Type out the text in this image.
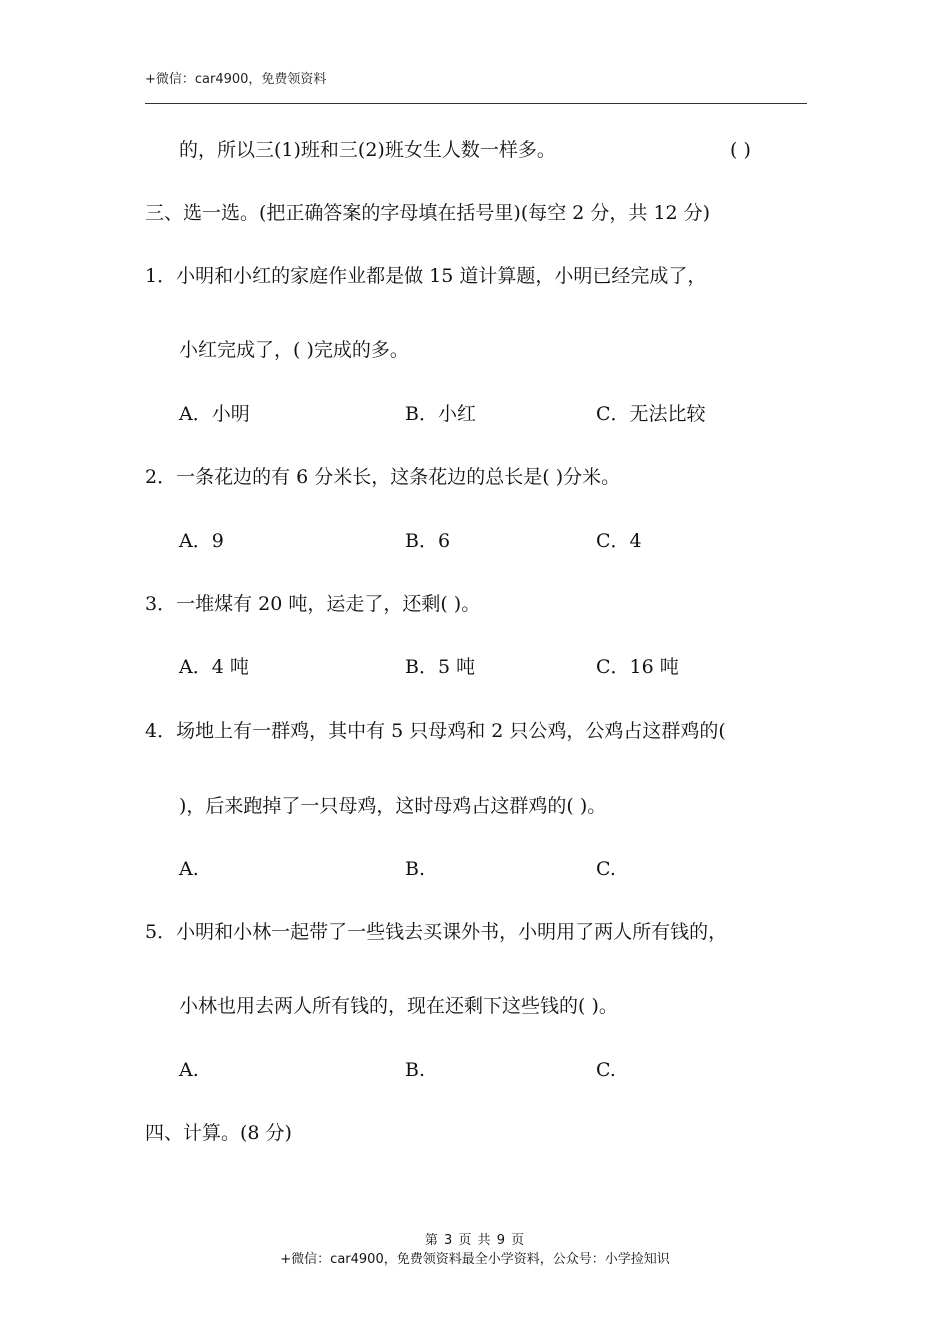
+微信：car4900，免费领资料
的，所以三(1)班和三(2)班女生人数一样多。	( )
三、选一选。(把正确答案的字母填在括号里)(每空 2 分，共 12 分)
1．小明和小红的家庭作业都是做 15 道计算题，小明已经完成了，
小红完成了，( )完成的多。
A．小明	B．小红	C．无法比较
2．一条花边的有 6 分米长，这条花边的总长是( )分米。
A．9	B．6	C．4
3．一堆煤有 20 吨，运走了，还剩( )。
A．4 吨	B．5 吨	C．16 吨
4．场地上有一群鸡，其中有 5 只母鸡和 2 只公鸡，公鸡占这群鸡的(
)，后来跑掉了一只母鸡，这时母鸡占这群鸡的( )。
A.	B.	C.
5．小明和小林一起带了一些钱去买课外书，小明用了两人所有钱的，
小林也用去两人所有钱的，现在还剩下这些钱的( )。
A.	B.	C.
四、计算。(8 分)
第 3 页 共 9 页
+微信：car4900，免费领资料最全小学资料，公众号：小学捡知识
